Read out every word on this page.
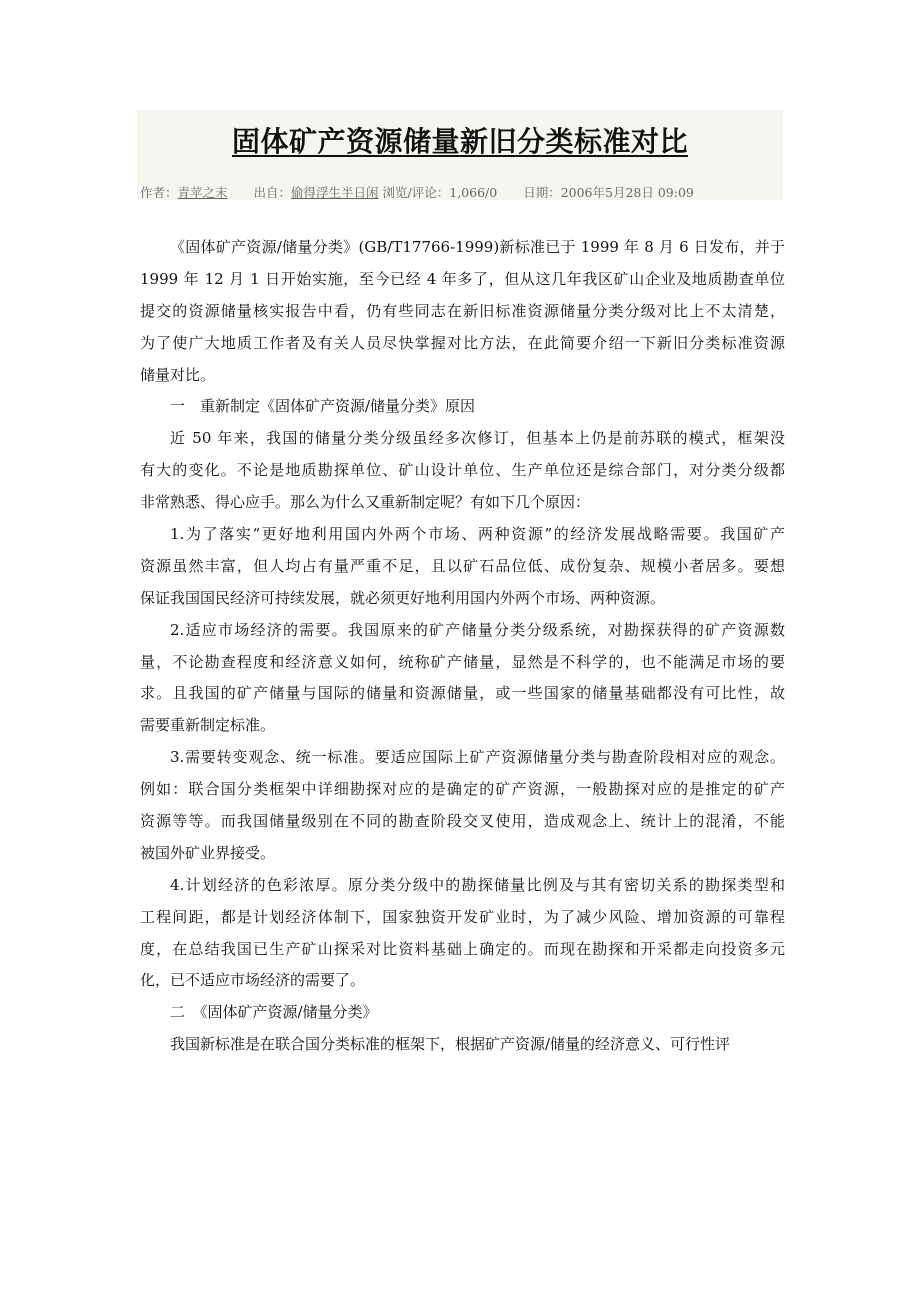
固体矿产资源储量新旧分类标准对比
作者：青苹之末 出自：偷得浮生半日闲 浏览/评论：1,066/0 日期：2006年5月28日 09:09
《固体矿产资源/储量分类》(GB/T17766-1999)新标准已于 1999 年 8 月 6 日发布，并于
1999 年 12 月 1 日开始实施，至今已经 4 年多了，但从这几年我区矿山企业及地质勘查单位
提交的资源储量核实报告中看，仍有些同志在新旧标准资源储量分类分级对比上不太清楚，
为了使广大地质工作者及有关人员尽快掌握对比方法，在此简要介绍一下新旧分类标准资源
储量对比。
一　重新制定《固体矿产资源/储量分类》原因
近 50 年来，我国的储量分类分级虽经多次修订，但基本上仍是前苏联的模式，框架没
有大的变化。不论是地质勘探单位、矿山设计单位、生产单位还是综合部门，对分类分级都
非常熟悉、得心应手。那么为什么又重新制定呢？有如下几个原因：
1.为了落实“更好地利用国内外两个市场、两种资源”的经济发展战略需要。我国矿产
资源虽然丰富，但人均占有量严重不足，且以矿石品位低、成份复杂、规模小者居多。要想
保证我国国民经济可持续发展，就必须更好地利用国内外两个市场、两种资源。
2.适应市场经济的需要。我国原来的矿产储量分类分级系统，对勘探获得的矿产资源数
量，不论勘查程度和经济意义如何，统称矿产储量，显然是不科学的，也不能满足市场的要
求。且我国的矿产储量与国际的储量和资源储量，或一些国家的储量基础都没有可比性，故
需要重新制定标准。
3.需要转变观念、统一标准。要适应国际上矿产资源储量分类与勘查阶段相对应的观念。
例如：联合国分类框架中详细勘探对应的是确定的矿产资源，一般勘探对应的是推定的矿产
资源等等。而我国储量级别在不同的勘查阶段交叉使用，造成观念上、统计上的混淆，不能
被国外矿业界接受。
4.计划经济的色彩浓厚。原分类分级中的勘探储量比例及与其有密切关系的勘探类型和
工程间距，都是计划经济体制下，国家独资开发矿业时，为了减少风险、增加资源的可靠程
度，在总结我国已生产矿山探采对比资料基础上确定的。而现在勘探和开采都走向投资多元
化，已不适应市场经济的需要了。
二　《固体矿产资源/储量分类》
我国新标准是在联合国分类标准的框架下，根据矿产资源/储量的经济意义、可行性评
